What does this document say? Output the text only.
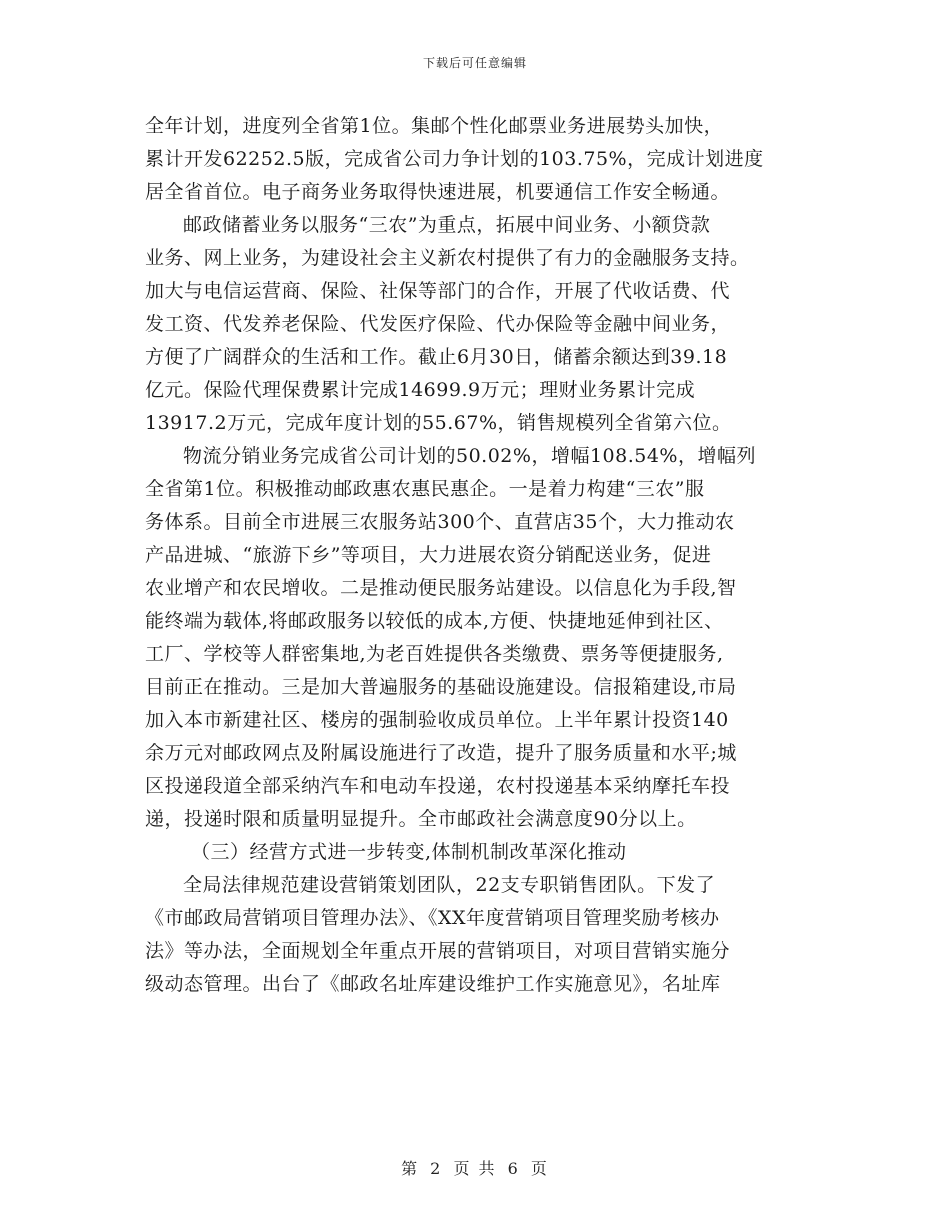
下载后可任意编辑
全年计划，进度列全省第1位。集邮个性化邮票业务进展势头加快，
累计开发62252.5版，完成省公司力争计划的103.75%，完成计划进度
居全省首位。电子商务业务取得快速进展，机要通信工作安全畅通。
邮政储蓄业务以服务“三农”为重点，拓展中间业务、小额贷款
业务、网上业务，为建设社会主义新农村提供了有力的金融服务支持。
加大与电信运营商、保险、社保等部门的合作，开展了代收话费、代
发工资、代发养老保险、代发医疗保险、代办保险等金融中间业务，
方便了广阔群众的生活和工作。截止6月30日，储蓄余额达到39.18
亿元。保险代理保费累计完成14699.9万元；理财业务累计完成
13917.2万元，完成年度计划的55.67%，销售规模列全省第六位。
物流分销业务完成省公司计划的50.02%，增幅108.54%，增幅列
全省第1位。积极推动邮政惠农惠民惠企。一是着力构建“三农”服
务体系。目前全市进展三农服务站300个、直营店35个，大力推动农
产品进城、“旅游下乡”等项目，大力进展农资分销配送业务，促进
农业增产和农民增收。二是推动便民服务站建设。以信息化为手段,智
能终端为载体,将邮政服务以较低的成本,方便、快捷地延伸到社区、
工厂、学校等人群密集地,为老百姓提供各类缴费、票务等便捷服务,
目前正在推动。三是加大普遍服务的基础设施建设。信报箱建设,市局
加入本市新建社区、楼房的强制验收成员单位。上半年累计投资140
余万元对邮政网点及附属设施进行了改造，提升了服务质量和水平;城
区投递段道全部采纳汽车和电动车投递，农村投递基本采纳摩托车投
递，投递时限和质量明显提升。全市邮政社会满意度90分以上。
（三）经营方式进一步转变,体制机制改革深化推动
全局法律规范建设营销策划团队，22支专职销售团队。下发了
《市邮政局营销项目管理办法》、《XX年度营销项目管理奖励考核办
法》等办法，全面规划全年重点开展的营销项目，对项目营销实施分
级动态管理。出台了《邮政名址库建设维护工作实施意见》，名址库
第 2 页 共 6 页
